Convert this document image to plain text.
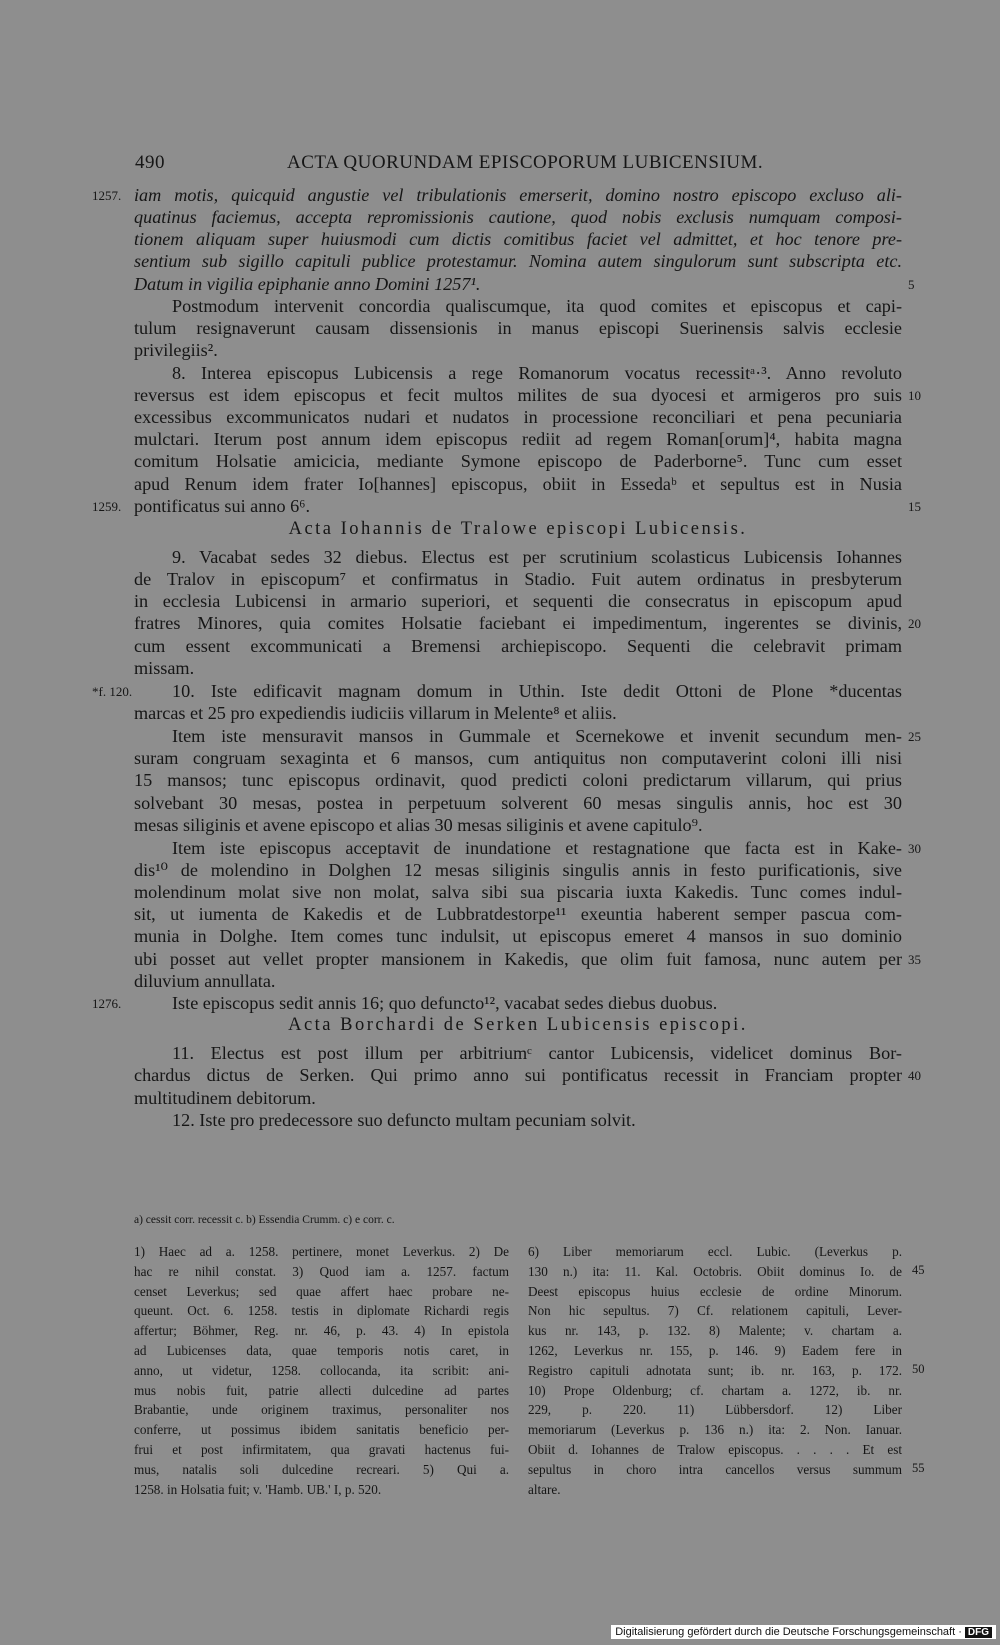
490	ACTA QUORUNDAM EPISCOPORUM LUBICENSIUM.
iam motis, quicquid angustie vel tribulationis emerserit, domino nostro episcopo excluso ali-
quatinus faciemus, accepta repromissionis cautione, quod nobis exclusis numquam composi-
tionem aliquam super huiusmodi cum dictis comitibus faciet vel admittet, et hoc tenore pre-
sentium sub sigillo capituli publice protestamur. Nomina autem singulorum sunt subscripta etc.
Datum in vigilia epiphanie anno Domini 1257¹.
Postmodum intervenit concordia qualiscumque, ita quod comites et episcopus et capi-
tulum resignaverunt causam dissensionis in manus episcopi Suerinensis salvis ecclesie
privilegiis².
8. Interea episcopus Lubicensis a rege Romanorum vocatus recessitᵃ·³. Anno revoluto
reversus est idem episcopus et fecit multos milites de sua dyocesi et armigeros pro suis
excessibus excommunicatos nudari et nudatos in processione reconciliari et pena pecuniaria
mulctari. Iterum post annum idem episcopus rediit ad regem Roman[orum]⁴, habita magna
comitum Holsatie amicicia, mediante Symone episcopo de Paderborne⁵. Tunc cum esset
apud Renum idem frater Io[hannes] episcopus, obiit in Essedaᵇ et sepultus est in Nusia
pontificatus sui anno 6⁶.
9. Vacabat sedes 32 diebus. Electus est per scrutinium scolasticus Lubicensis Iohannes
de Tralov in episcopum⁷ et confirmatus in Stadio. Fuit autem ordinatus in presbyterum
in ecclesia Lubicensi in armario superiori, et sequenti die consecratus in episcopum apud
fratres Minores, quia comites Holsatie faciebant ei impedimentum, ingerentes se divinis,
cum essent excommunicati a Bremensi archiepiscopo. Sequenti die celebravit primam
missam.
10. Iste edificavit magnam domum in Uthin. Iste dedit Ottoni de Plone *ducentas
marcas et 25 pro expediendis iudiciis villarum in Melente⁸ et aliis.
Item iste mensuravit mansos in Gummale et Scernekowe et invenit secundum men-
suram congruam sexaginta et 6 mansos, cum antiquitus non computaverint coloni illi nisi
15 mansos; tunc episcopus ordinavit, quod predicti coloni predictarum villarum, qui prius
solvebant 30 mesas, postea in perpetuum solverent 60 mesas singulis annis, hoc est 30
mesas siliginis et avene episcopo et alias 30 mesas siliginis et avene capitulo⁹.
Item iste episcopus acceptavit de inundatione et restagnatione que facta est in Kake-
dis¹⁰ de molendino in Dolghen 12 mesas siliginis singulis annis in festo purificationis, sive
molendinum molat sive non molat, salva sibi sua piscaria iuxta Kakedis. Tunc comes indul-
sit, ut iumenta de Kakedis et de Lubbratdestorpe¹¹ exeuntia haberent semper pascua com-
munia in Dolghe. Item comes tunc indulsit, ut episcopus emeret 4 mansos in suo dominio
ubi posset aut vellet propter mansionem in Kakedis, que olim fuit famosa, nunc autem per
diluvium annullata.
Iste episcopus sedit annis 16; quo defuncto¹², vacabat sedes diebus duobus.
11. Electus est post illum per arbitriumᶜ cantor Lubicensis, videlicet dominus Bor-
chardus dictus de Serken. Qui primo anno sui pontificatus recessit in Franciam propter
multitudinem debitorum.
12. Iste pro predecessore suo defuncto multam pecuniam solvit.
Acta Iohannis de Tralowe episcopi Lubicensis.
Acta Borchardi de Serken Lubicensis episcopi.
1257.
1259.
*f. 120.
1276.
5
10
15
20
25
30
35
40
45
50
55
a) cessit corr. recessit c. b) Essendia Crumm. c) e corr. c.
1) Haec ad a. 1258. pertinere, monet Leverkus. 2) De
hac re nihil constat. 3) Quod iam a. 1257. factum
censet Leverkus; sed quae affert haec probare ne-
queunt. Oct. 6. 1258. testis in diplomate Richardi regis
affertur; Böhmer, Reg. nr. 46, p. 43. 4) In epistola
ad Lubicenses data, quae temporis notis caret, in
anno, ut videtur, 1258. collocanda, ita scribit: ani-
mus nobis fuit, patrie allecti dulcedine ad partes
Brabantie, unde originem traximus, personaliter nos
conferre, ut possimus ibidem sanitatis beneficio per-
frui et post infirmitatem, qua gravati hactenus fui-
mus, natalis soli dulcedine recreari. 5) Qui a.
1258. in Holsatia fuit; v. 'Hamb. UB.' I, p. 520.
6) Liber memoriarum eccl. Lubic. (Leverkus p.
130 n.) ita: 11. Kal. Octobris. Obiit dominus Io. de
Deest episcopus huius ecclesie de ordine Minorum.
Non hic sepultus. 7) Cf. relationem capituli, Lever-
kus nr. 143, p. 132. 8) Malente; v. chartam a.
1262, Leverkus nr. 155, p. 146. 9) Eadem fere in
Registro capituli adnotata sunt; ib. nr. 163, p. 172.
10) Prope Oldenburg; cf. chartam a. 1272, ib. nr.
229, p. 220. 11) Lübbersdorf. 12) Liber
memoriarum (Leverkus p. 136 n.) ita: 2. Non. Ianuar.
Obiit d. Iohannes de Tralow episcopus. . . . . Et est
sepultus in choro intra cancellos versus summum
altare.
Digitalisierung gefördert durch die Deutsche Forschungsgemeinschaft · DFG
